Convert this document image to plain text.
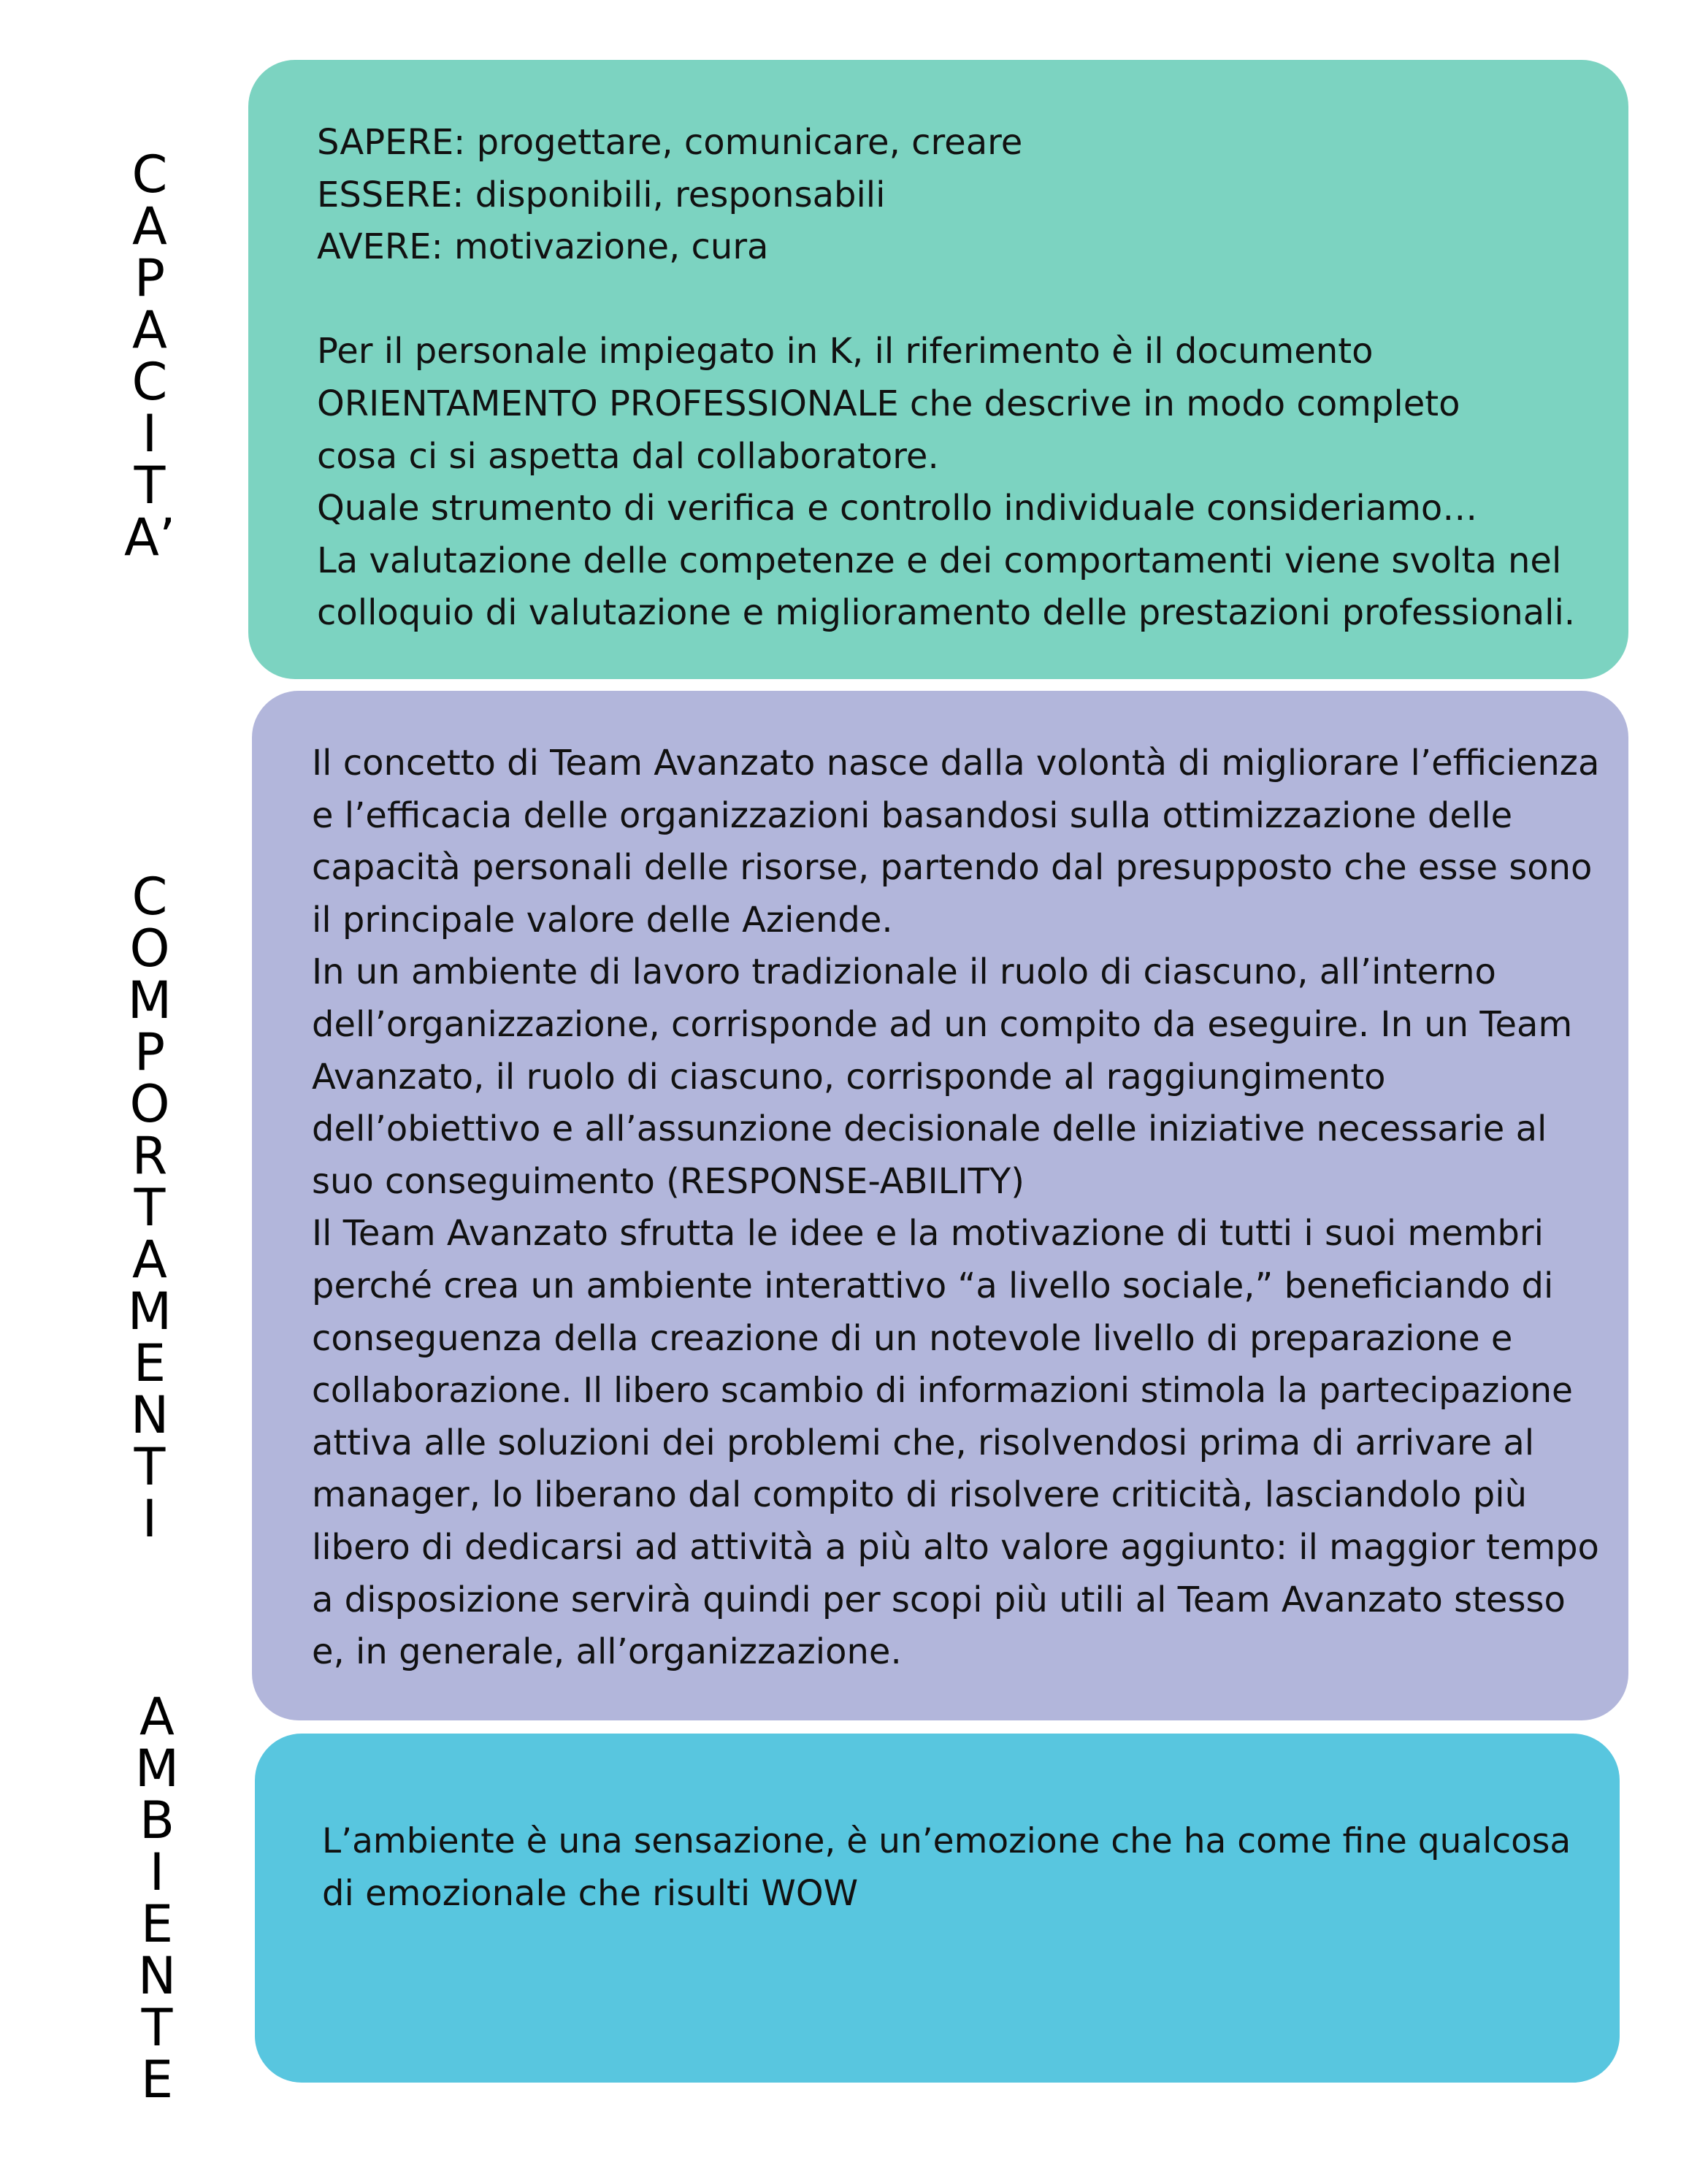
C
A
P
A
C
I
T
A’
C
O
M
P
O
R
T
A
M
E
N
T
I
A
M
B
I
E
N
T
E
SAPERE: progettare, comunicare, creare
ESSERE: disponibili, responsabili
AVERE: motivazione, cura
Per il personale impiegato in K, il riferimento è il documento
ORIENTAMENTO PROFESSIONALE che descrive in modo completo
cosa ci si aspetta dal collaboratore.
Quale strumento di verifica e controllo individuale consideriamo…
La valutazione delle competenze e dei comportamenti viene svolta nel
colloquio di valutazione e miglioramento delle prestazioni professionali.
Il concetto di Team Avanzato nasce dalla volontà di migliorare l’efficienza
e l’efficacia delle organizzazioni basandosi sulla ottimizzazione delle
capacità personali delle risorse, partendo dal presupposto che esse sono
il principale valore delle Aziende.
In un ambiente di lavoro tradizionale il ruolo di ciascuno, all’interno
dell’organizzazione, corrisponde ad un compito da eseguire. In un Team
Avanzato, il ruolo di ciascuno, corrisponde al raggiungimento
dell’obiettivo e all’assunzione decisionale delle iniziative necessarie al
suo conseguimento (RESPONSE-ABILITY)
Il Team Avanzato sfrutta le idee e la motivazione di tutti i suoi membri
perché crea un ambiente interattivo “a livello sociale,” beneficiando di
conseguenza della creazione di un notevole livello di preparazione e
collaborazione. Il libero scambio di informazioni stimola la partecipazione
attiva alle soluzioni dei problemi che, risolvendosi prima di arrivare al
manager, lo liberano dal compito di risolvere criticità, lasciandolo più
libero di dedicarsi ad attività a più alto valore aggiunto: il maggior tempo
a disposizione servirà quindi per scopi più utili al Team Avanzato stesso
e, in generale, all’organizzazione.
L’ambiente è una sensazione, è un’emozione che ha come fine qualcosa
di emozionale che risulti WOW
